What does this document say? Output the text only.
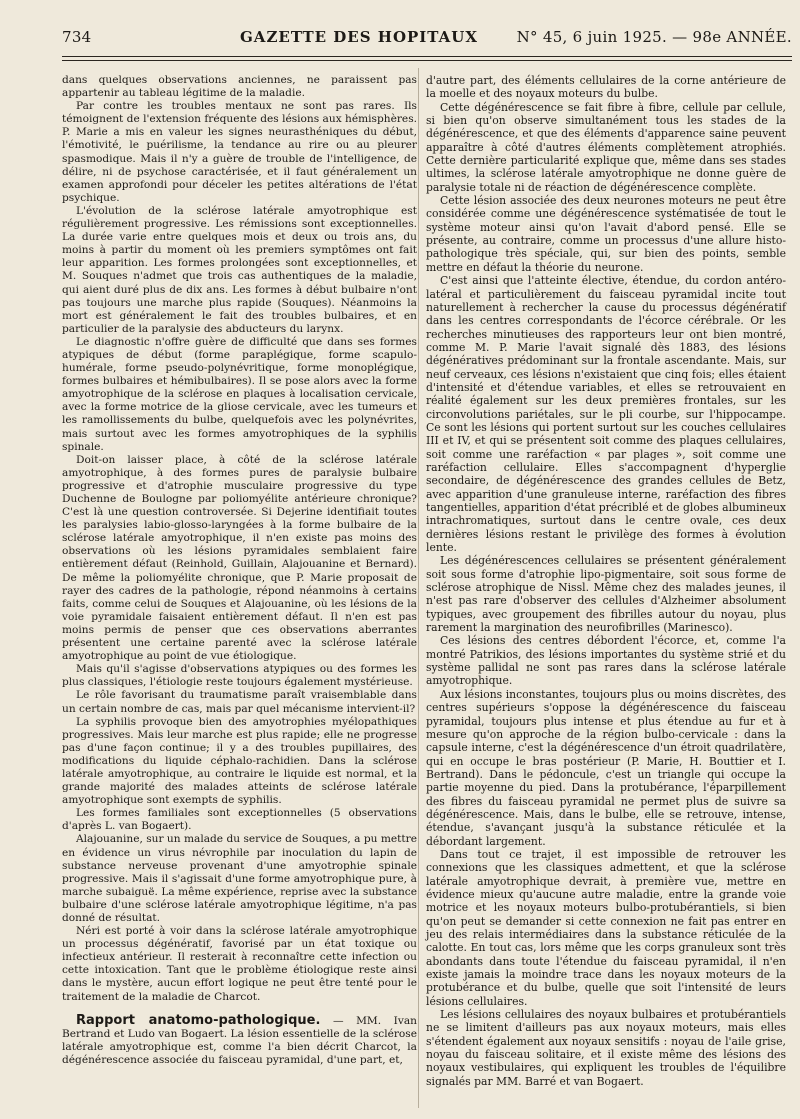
734	GAZETTE DES HOPITAUX	N° 45, 6 juin 1925. — 98e ANNÉE.

dans quelques observations anciennes, ne paraissent pas appartenir au tableau légitime de la maladie.

Par contre les troubles mentaux ne sont pas rares. Ils témoignent de l'extension fréquente des lésions aux hémisphères. P. Marie a mis en valeur les signes neurasthéniques du début, l'émotivité, le puérilisme, la tendance au rire ou au pleurer spasmodique. Mais il n'y a guère de trouble de l'intelligence, de délire, ni de psychose caractérisée, et il faut généralement un examen approfondi pour déceler les petites altérations de l'état psychique.

L'évolution de la sclérose latérale amyotrophique est régulièrement progressive. Les rémissions sont exceptionnelles. La durée varie entre quelques mois et deux ou trois ans, du moins à partir du moment où les premiers symptômes ont fait leur apparition. Les formes prolongées sont exceptionnelles, et M. Souques n'admet que trois cas authentiques de la maladie, qui aient duré plus de dix ans. Les formes à début bulbaire n'ont pas toujours une marche plus rapide (Souques). Néanmoins la mort est généralement le fait des troubles bulbaires, et en particulier de la paralysie des abducteurs du larynx.

Le diagnostic n'offre guère de difficulté que dans ses formes atypiques de début (forme paraplégique, forme scapulo-humérale, forme pseudo-polynévritique, forme monoplégique, formes bulbaires et hémibulbaires). Il se pose alors avec la forme amyotrophique de la sclérose en plaques à localisation cervicale, avec la forme motrice de la gliose cervicale, avec les tumeurs et les ramollissements du bulbe, quelquefois avec les polynévrites, mais surtout avec les formes amyotrophiques de la syphilis spinale.

Doit-on laisser place, à côté de la sclérose latérale amyotrophique, à des formes pures de paralysie bulbaire progressive et d'atrophie musculaire progressive du type Duchenne de Boulogne par poliomyélite antérieure chronique? C'est là une question controversée. Si Dejerine identifiait toutes les paralysies labio-glosso-laryngées à la forme bulbaire de la sclérose latérale amyotrophique, il n'en existe pas moins des observations où les lésions pyramidales semblaient faire entièrement défaut (Reinhold, Guillain, Alajouanine et Bernard). De même la poliomyélite chronique, que P. Marie proposait de rayer des cadres de la pathologie, répond néanmoins à certains faits, comme celui de Souques et Alajouanine, où les lésions de la voie pyramidale faisaient entièrement défaut. Il n'en est pas moins permis de penser que ces observations aberrantes présentent une certaine parenté avec la sclérose latérale amyotrophique au point de vue étiologique.

Mais qu'il s'agisse d'observations atypiques ou des formes les plus classiques, l'étiologie reste toujours également mystérieuse.

Le rôle favorisant du traumatisme paraît vraisemblable dans un certain nombre de cas, mais par quel mécanisme intervient-il?

La syphilis provoque bien des amyotrophies myélopathiques progressives. Mais leur marche est plus rapide; elle ne progresse pas d'une façon continue; il y a des troubles pupillaires, des modifications du liquide céphalo-rachidien. Dans la sclérose latérale amyotrophique, au contraire le liquide est normal, et la grande majorité des malades atteints de sclérose latérale amyotrophique sont exempts de syphilis.

Les formes familiales sont exceptionnelles (5 observations d'après L. van Bogaert).

Alajouanine, sur un malade du service de Souques, a pu mettre en évidence un virus névrophile par inoculation du lapin de substance nerveuse provenant d'une amyotrophie spinale progressive. Mais il s'agissait d'une forme amyotrophique pure, à marche subaiguë. La même expérience, reprise avec la substance bulbaire d'une sclérose latérale amyotrophique légitime, n'a pas donné de résultat.

Néri est porté à voir dans la sclérose latérale amyotrophique un processus dégénératif, favorisé par un état toxique ou infectieux antérieur. Il resterait à reconnaître cette infection ou cette intoxication. Tant que le problème étiologique reste ainsi dans le mystère, aucun effort logique ne peut être tenté pour le traitement de la maladie de Charcot.

Rapport anatomo-pathologique. — MM. Ivan Bertrand et Ludo van Bogaert. La lésion essentielle de la sclérose latérale amyotrophique est, comme l'a bien décrit Charcot, la dégénérescence associée du faisceau pyramidal, d'une part, et,

d'autre part, des éléments cellulaires de la corne antérieure de la moelle et des noyaux moteurs du bulbe.

Cette dégénérescence se fait fibre à fibre, cellule par cellule, si bien qu'on observe simultanément tous les stades de la dégénérescence, et que des éléments d'apparence saine peuvent apparaître à côté d'autres éléments complètement atrophiés. Cette dernière particularité explique que, même dans ses stades ultimes, la sclérose latérale amyotrophique ne donne guère de paralysie totale ni de réaction de dégénérescence complète.

Cette lésion associée des deux neurones moteurs ne peut être considérée comme une dégénérescence systématisée de tout le système moteur ainsi qu'on l'avait d'abord pensé. Elle se présente, au contraire, comme un processus d'une allure histo-pathologique très spéciale, qui, sur bien des points, semble mettre en défaut la théorie du neurone.

C'est ainsi que l'atteinte élective, étendue, du cordon antéro-latéral et particulièrement du faisceau pyramidal incite tout naturellement à rechercher la cause du processus dégénératif dans les centres correspondants de l'écorce cérébrale. Or les recherches minutieuses des rapporteurs leur ont bien montré, comme M. P. Marie l'avait signalé dès 1883, des lésions dégénératives prédominant sur la frontale ascendante. Mais, sur neuf cerveaux, ces lésions n'existaient que cinq fois; elles étaient d'intensité et d'étendue variables, et elles se retrouvaient en réalité également sur les deux premières frontales, sur les circonvolutions pariétales, sur le pli courbe, sur l'hippocampe. Ce sont les lésions qui portent surtout sur les couches cellulaires III et IV, et qui se présentent soit comme des plaques cellulaires, soit comme une raréfaction « par plages », soit comme une raréfaction cellulaire. Elles s'accompagnent d'hyperglie secondaire, de dégénérescence des grandes cellules de Betz, avec apparition d'une granuleuse interne, raréfaction des fibres tangentielles, apparition d'état précriblé et de globes albumineux intrachromatiques, surtout dans le centre ovale, ces deux dernières lésions restant le privilège des formes à évolution lente.

Les dégénérescences cellulaires se présentent généralement soit sous forme d'atrophie lipo-pigmentaire, soit sous forme de sclérose atrophique de Nissl. Même chez des malades jeunes, il n'est pas rare d'observer des cellules d'Alzheimer absolument typiques, avec groupement des fibrilles autour du noyau, plus rarement la margination des neurofibrilles (Marinesco).

Ces lésions des centres débordent l'écorce, et, comme l'a montré Patrikios, des lésions importantes du système strié et du système pallidal ne sont pas rares dans la sclérose latérale amyotrophique.

Aux lésions inconstantes, toujours plus ou moins discrètes, des centres supérieurs s'oppose la dégénérescence du faisceau pyramidal, toujours plus intense et plus étendue au fur et à mesure qu'on approche de la région bulbo-cervicale : dans la capsule interne, c'est la dégénérescence d'un étroit quadrilatère, qui en occupe le bras postérieur (P. Marie, H. Bouttier et I. Bertrand). Dans le pédoncule, c'est un triangle qui occupe la partie moyenne du pied. Dans la protubérance, l'éparpillement des fibres du faisceau pyramidal ne permet plus de suivre sa dégénérescence. Mais, dans le bulbe, elle se retrouve, intense, étendue, s'avançant jusqu'à la substance réticulée et la débordant largement.

Dans tout ce trajet, il est impossible de retrouver les connexions que les classiques admettent, et que la sclérose latérale amyotrophique devrait, à première vue, mettre en évidence mieux qu'aucune autre maladie, entre la grande voie motrice et les noyaux moteurs bulbo-protubérantiels, si bien qu'on peut se demander si cette connexion ne fait pas entrer en jeu des relais intermédiaires dans la substance réticulée de la calotte. En tout cas, lors même que les corps granuleux sont très abondants dans toute l'étendue du faisceau pyramidal, il n'en existe jamais la moindre trace dans les noyaux moteurs de la protubérance et du bulbe, quelle que soit l'intensité de leurs lésions cellulaires.

Les lésions cellulaires des noyaux bulbaires et protubérantiels ne se limitent d'ailleurs pas aux noyaux moteurs, mais elles s'étendent également aux noyaux sensitifs : noyau de l'aile grise, noyau du faisceau solitaire, et il existe même des lésions des noyaux vestibulaires, qui expliquent les troubles de l'équilibre signalés par MM. Barré et van Bogaert.
